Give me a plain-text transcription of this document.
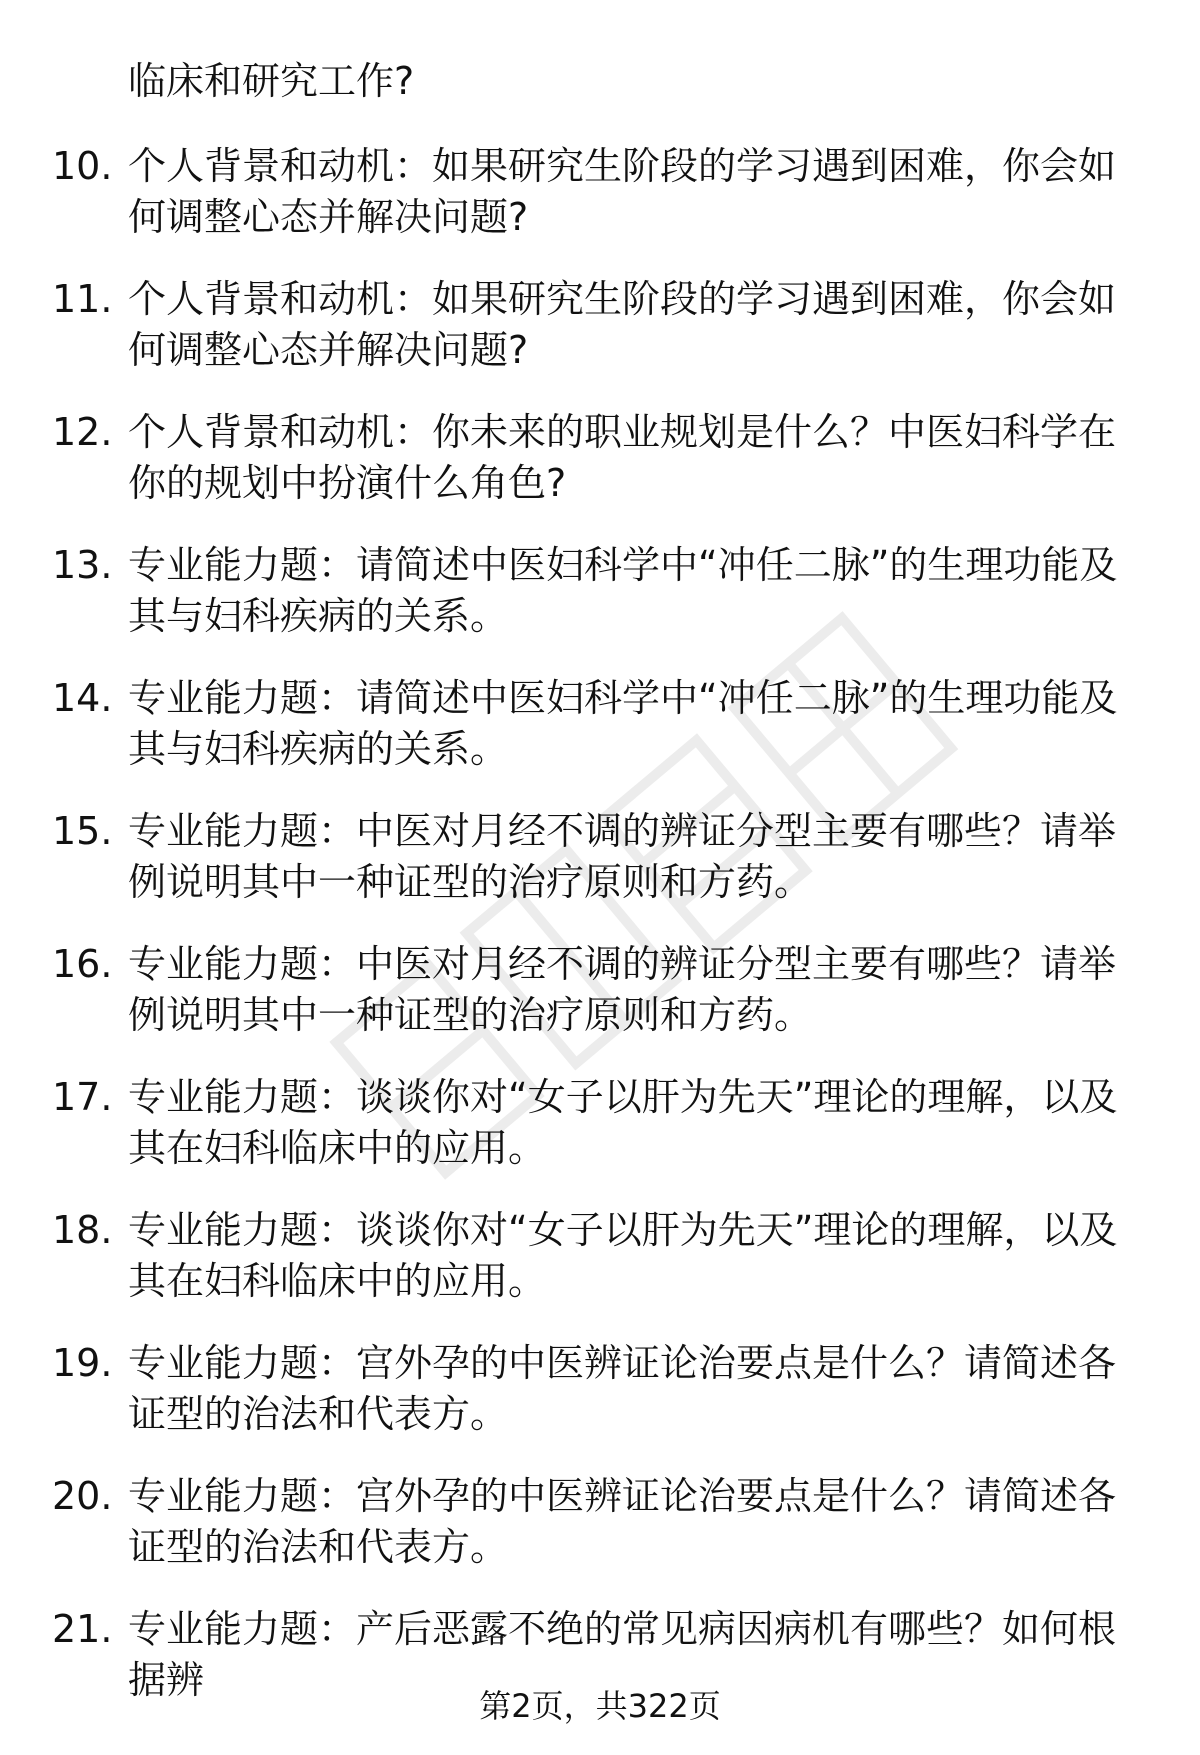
临床和研究工作?

10. 个人背景和动机：如果研究生阶段的学习遇到困难，你会如何调整心态并解决问题?

11. 个人背景和动机：如果研究生阶段的学习遇到困难，你会如何调整心态并解决问题?

12. 个人背景和动机：你未来的职业规划是什么？中医妇科学在你的规划中扮演什么角色?

13. 专业能力题：请简述中医妇科学中“冲任二脉”的生理功能及其与妇科疾病的关系。

14. 专业能力题：请简述中医妇科学中“冲任二脉”的生理功能及其与妇科疾病的关系。

15. 专业能力题：中医对月经不调的辨证分型主要有哪些？请举例说明其中一种证型的治疗原则和方药。

16. 专业能力题：中医对月经不调的辨证分型主要有哪些？请举例说明其中一种证型的治疗原则和方药。

17. 专业能力题：谈谈你对“女子以肝为先天”理论的理解，以及其在妇科临床中的应用。

18. 专业能力题：谈谈你对“女子以肝为先天”理论的理解，以及其在妇科临床中的应用。

19. 专业能力题：宫外孕的中医辨证论治要点是什么？请简述各证型的治法和代表方。

20. 专业能力题：宫外孕的中医辨证论治要点是什么？请简述各证型的治法和代表方。

21. 专业能力题：产后恶露不绝的常见病因病机有哪些？如何根据辨

第2页，共322页
